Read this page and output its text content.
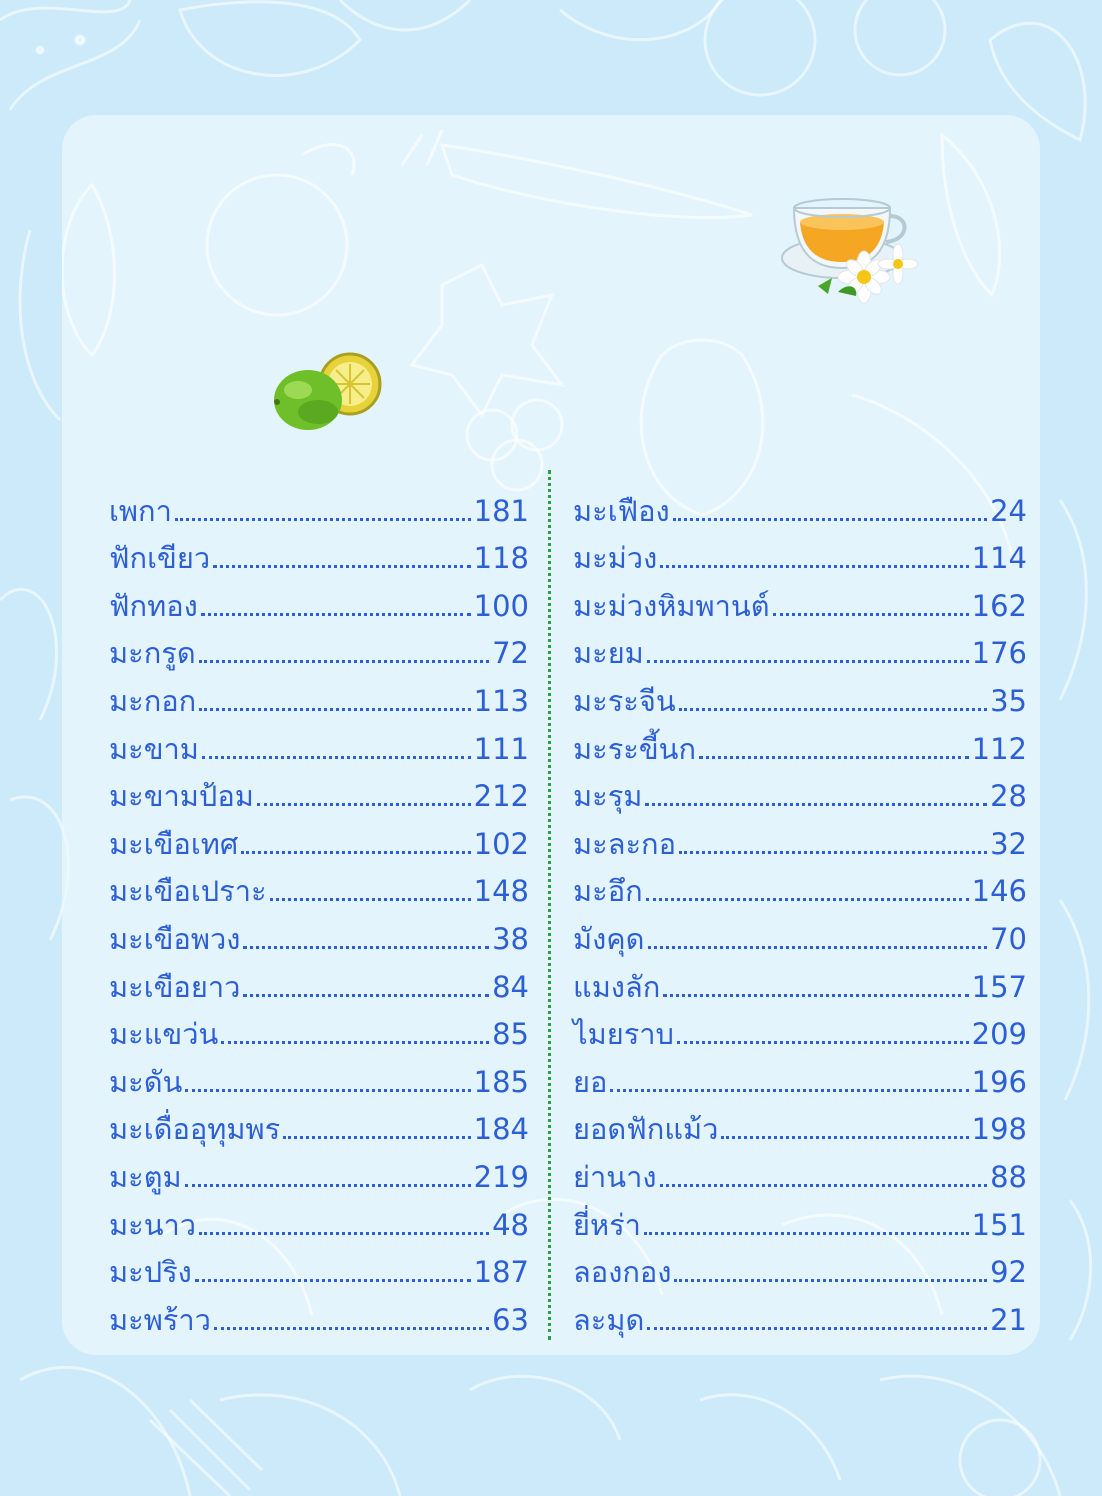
เพกา	181
ฟักเขียว	118
ฟักทอง	100
มะกรูด	72
มะกอก	113
มะขาม	111
มะขามป้อม	212
มะเขือเทศ	102
มะเขือเปราะ	148
มะเขือพวง	38
มะเขือยาว	84
มะแขว่น	85
มะดัน	185
มะเดื่ออุทุมพร	184
มะตูม	219
มะนาว	48
มะปริง	187
มะพร้าว	63
มะเฟือง	24
มะม่วง	114
มะม่วงหิมพานต์	162
มะยม	176
มะระจีน	35
มะระขี้นก	112
มะรุม	28
มะละกอ	32
มะอึก	146
มังคุด	70
แมงลัก	157
ไมยราบ	209
ยอ	196
ยอดฟักแม้ว	198
ย่านาง	88
ยี่หร่า	151
ลองกอง	92
ละมุด	21
